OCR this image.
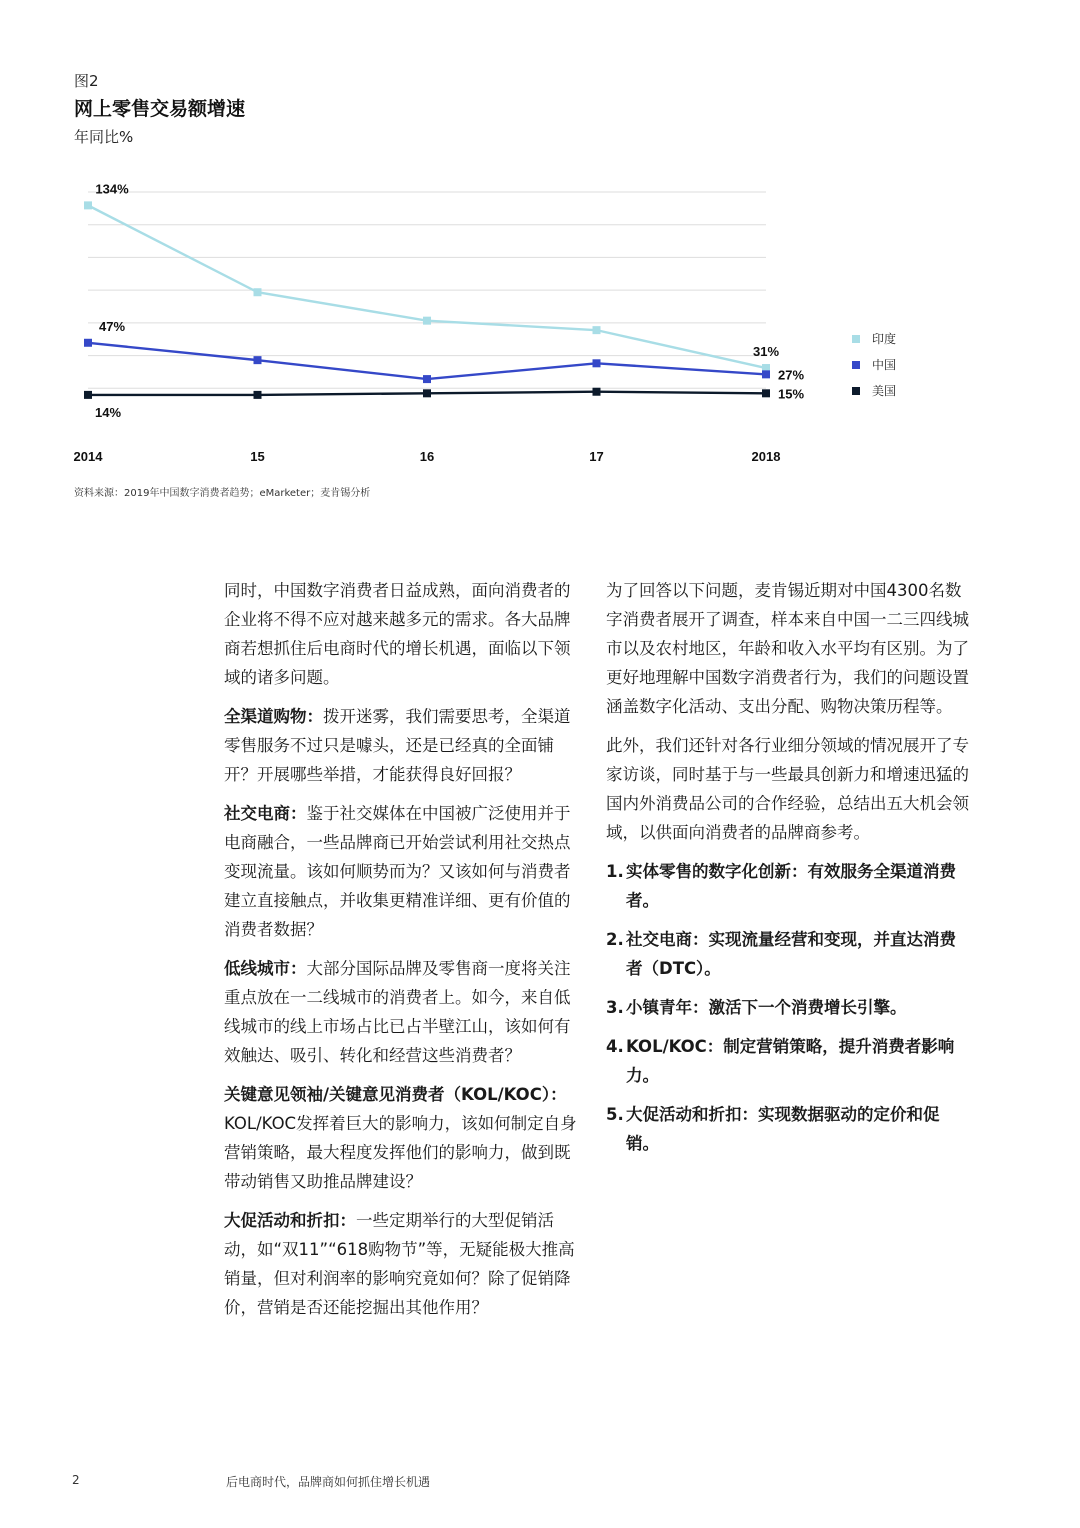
图2
网上零售交易额增速
年同比%
2014	15	16	17	2018
134%
31%
47%
27%
14%
15%
印度
中国
美国
资料来源：2019年中国数字消费者趋势；eMarketer；麦肯锡分析

同时，中国数字消费者日益成熟，面向消费者的企业将不得不应对越来越多元的需求。各大品牌商若想抓住后电商时代的增长机遇，面临以下领域的诸多问题。

全渠道购物：拨开迷雾，我们需要思考，全渠道零售服务不过只是噱头，还是已经真的全面铺开？开展哪些举措，才能获得良好回报？

社交电商：鉴于社交媒体在中国被广泛使用并于电商融合，一些品牌商已开始尝试利用社交热点变现流量。该如何顺势而为？又该如何与消费者建立直接触点，并收集更精准详细、更有价值的消费者数据？

低线城市：大部分国际品牌及零售商一度将关注重点放在一二线城市的消费者上。如今，来自低线城市的线上市场占比已占半壁江山，该如何有效触达、吸引、转化和经营这些消费者？

关键意见领袖/关键意见消费者（KOL/KOC）：KOL/KOC发挥着巨大的影响力，该如何制定自身营销策略，最大程度发挥他们的影响力，做到既带动销售又助推品牌建设？

大促活动和折扣：一些定期举行的大型促销活动，如“双11”“618购物节”等，无疑能极大推高销量，但对利润率的影响究竟如何？除了促销降价，营销是否还能挖掘出其他作用？

为了回答以下问题，麦肯锡近期对中国4300名数字消费者展开了调查，样本来自中国一二三四线城市以及农村地区，年龄和收入水平均有区别。为了更好地理解中国数字消费者行为，我们的问题设置涵盖数字化活动、支出分配、购物决策历程等。

此外，我们还针对各行业细分领域的情况展开了专家访谈，同时基于与一些最具创新力和增速迅猛的国内外消费品公司的合作经验，总结出五大机会领域，以供面向消费者的品牌商参考。

1. 实体零售的数字化创新：有效服务全渠道消费者。
2. 社交电商：实现流量经营和变现，并直达消费者（DTC）。
3. 小镇青年：激活下一个消费增长引擎。
4. KOL/KOC：制定营销策略，提升消费者影响力。
5. 大促活动和折扣：实现数据驱动的定价和促销。
2	后电商时代，品牌商如何抓住增长机遇
